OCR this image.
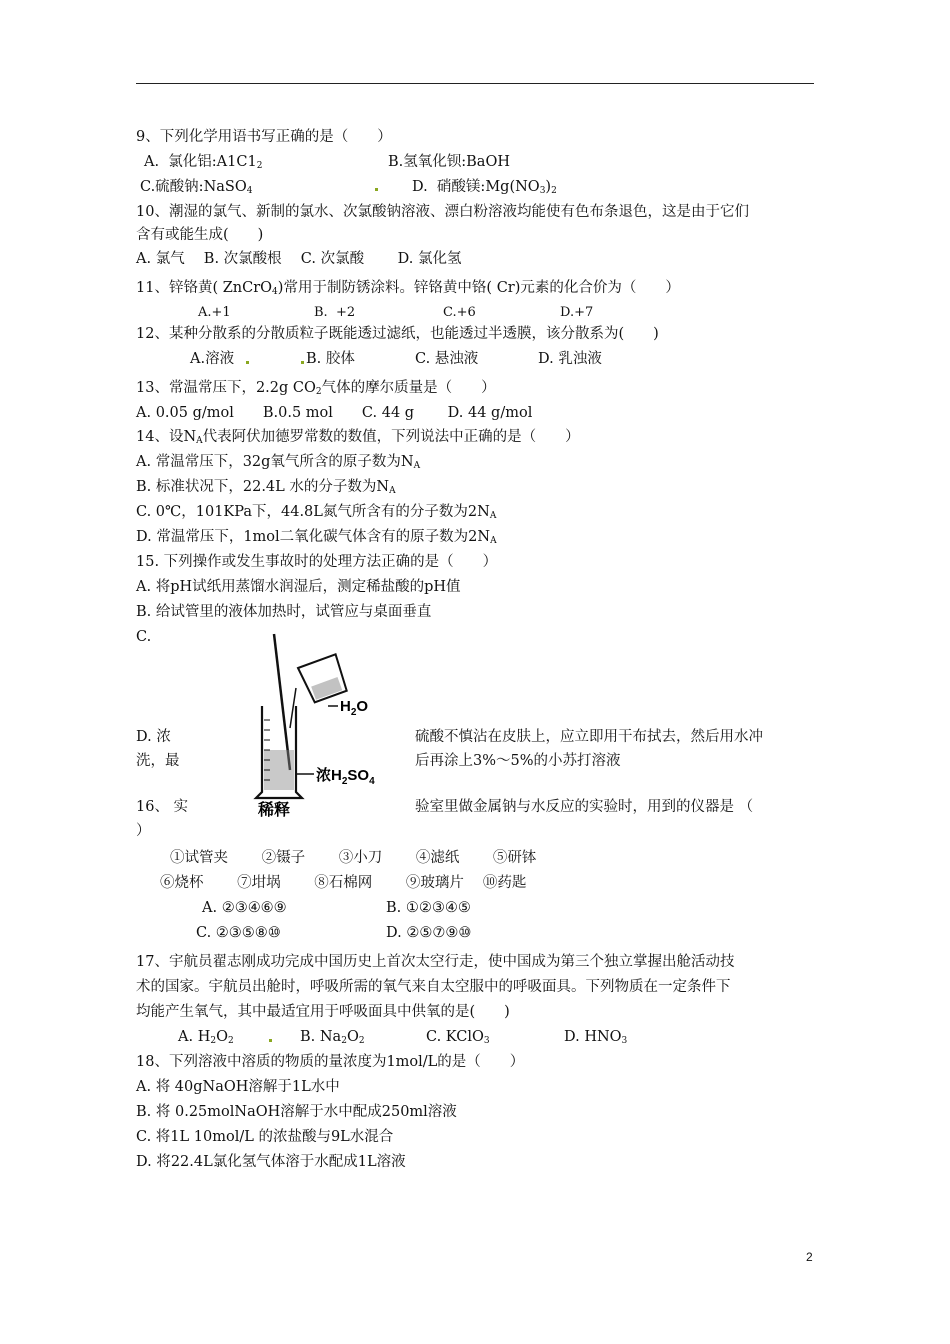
9、下列化学用语书写正确的是（　　）
A.  氯化铝$:A1C1_2$	B.氢氧化钡:BaOH
C.硫酸钠:NaSO$_4$	D.  硝酸镁$:Mg(NO_3)_2$
10、潮湿的氯气、新制的氯水、次氯酸钠溶液、漂白粉溶液均能使有色布条退色，这是由于它们
含有或能生成(　　)
A. 氯气　 B. 次氯酸根　 C. 次氯酸　　 D. 氯化氢
11、锌铬黄( ZnCrO$_4$)常用于制防锈涂料。锌铬黄中铬( Cr)元素的化合价为（　　）
A.+1	B.  +2	C.+6	D.+7
12、某种分散系的分散质粒子既能透过滤纸，也能透过半透膜，该分散系为(　　)
A.溶液	B. 胶体	C. 悬浊液	D. 乳浊液
13、常温常压下，2.2g $CO_2$气体的摩尔质量是（　　）
A. 0.05 g/mol　　B.0.5 mol　　C. 44 g　　 D. 44 g/mol
14、设$N_A$代表阿伏加德罗常数的数值，下列说法中正确的是（　　）
A. 常温常压下，32g氧气所含的原子数为$N_A$
B. 标准状况下，22.4L 水的分子数为$N_A$
C. 0℃，101KPa下，44.8L氮气所含有的分子数为$2N_A$
D. 常温常压下，1mol二氧化碳气体含有的原子数为$2N_A$
15. 下列操作或发生事故时的处理方法正确的是（　　）
A. 将pH试纸用蒸馏水润湿后，测定稀盐酸的pH值
B. 给试管里的液体加热时，试管应与桌面垂直
C.
$H_2O$
浓$H_2SO_4$
稀释
D. 浓	硫酸不慎沾在皮肤上，应立即用干布拭去，然后用水冲
洗，最	后再涂上3%～5%的小苏打溶液
16、 实	验室里做金属钠与水反应的实验时，用到的仪器是 （
）
①试管夹　　 ②镊子　　 ③小刀　　 ④滤纸　　 ⑤研钵
⑥烧杯　　 ⑦坩埚　　 ⑧石棉网　　 ⑨玻璃片　 ⑩药匙
A. ②③④⑥⑨	B. ①②③④⑤
C. ②③⑤⑧⑩	D. ②⑤⑦⑨⑩
17、宇航员翟志刚成功完成中国历史上首次太空行走，使中国成为第三个独立掌握出舱活动技
术的国家。宇航员出舱时，呼吸所需的氧气来自太空服中的呼吸面具。下列物质在一定条件下
均能产生氧气，其中最适宜用于呼吸面具中供氧的是(　　)
A. $H_2O_2$	B. $Na_2O_2$	C. KClO$_3$	D. $HNO_3$
18、下列溶液中溶质的物质的量浓度为1mol/L的是（　　）
A. 将 40gNaOH溶解于1L水中
B. 将 0.25molNaOH溶解于水中配成250ml溶液
C. 将1L 10mol/L 的浓盐酸与9L水混合
D. 将22.4L氯化氢气体溶于水配成1L溶液
2
